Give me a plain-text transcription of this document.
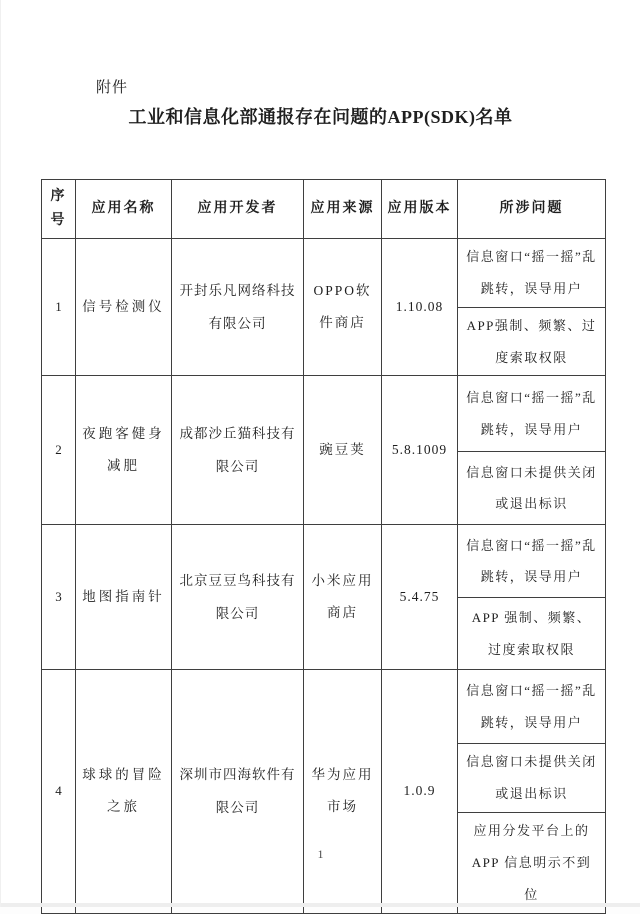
附件
工业和信息化部通报存在问题的APP(SDK)名单
序号	应用名称	应用开发者	应用来源	应用版本	所涉问题
1	信号检测仪	开封乐凡网络科技有限公司	OPPO软件商店	1.10.08	信息窗口“摇一摇”乱跳转，误导用户
					APP强制、频繁、过度索取权限
2	夜跑客健身减肥	成都沙丘猫科技有限公司	豌豆荚	5.8.1009	信息窗口“摇一摇”乱跳转，误导用户
					信息窗口未提供关闭或退出标识
3	地图指南针	北京豆豆鸟科技有限公司	小米应用商店	5.4.75	信息窗口“摇一摇”乱跳转，误导用户
					APP 强制、频繁、过度索取权限
4	球球的冒险之旅	深圳市四海软件有限公司	华为应用市场	1.0.9	信息窗口“摇一摇”乱跳转，误导用户
					信息窗口未提供关闭或退出标识
					应用分发平台上的 APP 信息明示不到位
1
